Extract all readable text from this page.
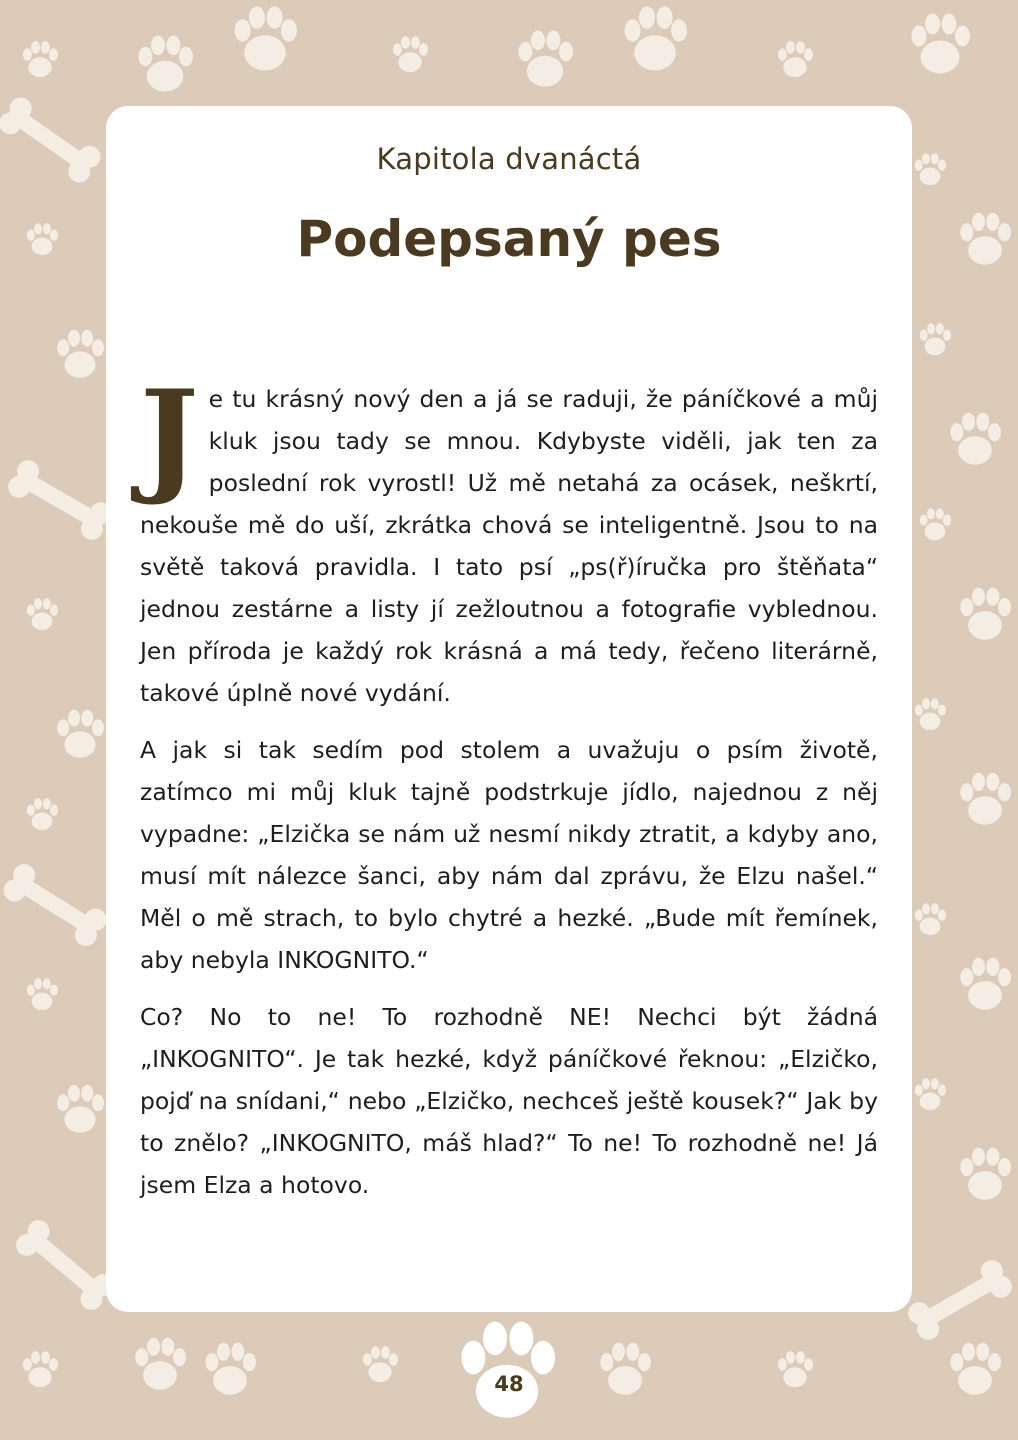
Kapitola dvanáctá
Podepsaný pes

Je tu krásný nový den a já se raduji, že páníčkové a můj kluk jsou tady se mnou. Kdybyste viděli, jak ten za poslední rok vyrostl! Už mě netahá za ocásek, neškrtí, nekouše mě do uší, zkrátka chová se inteligentně. Jsou to na světě taková pravidla. I tato psí „ps(ř)íručka pro štěňata“ jednou zestárne a listy jí zežloutnou a fotografie vyblednou. Jen příroda je každý rok krásná a má tedy, řečeno literárně, takové úplně nové vydání.

A jak si tak sedím pod stolem a uvažuju o psím životě, zatímco mi můj kluk tajně podstrkuje jídlo, najednou z něj vypadne: „Elzička se nám už nesmí nikdy ztratit, a kdyby ano, musí mít nálezce šanci, aby nám dal zprávu, že Elzu našel.“ Měl o mě strach, to bylo chytré a hezké. „Bude mít řemínek, aby nebyla INKOGNITO.“

Co? No to ne! To rozhodně NE! Nechci být žádná „INKOGNITO“. Je tak hezké, když páníčkové řeknou: „Elzičko, pojď na snídani,“ nebo „Elzičko, nechceš ještě kousek?“ Jak by to znělo? „INKOGNITO, máš hlad?“ To ne! To rozhodně ne! Já jsem Elza a hotovo.

48
